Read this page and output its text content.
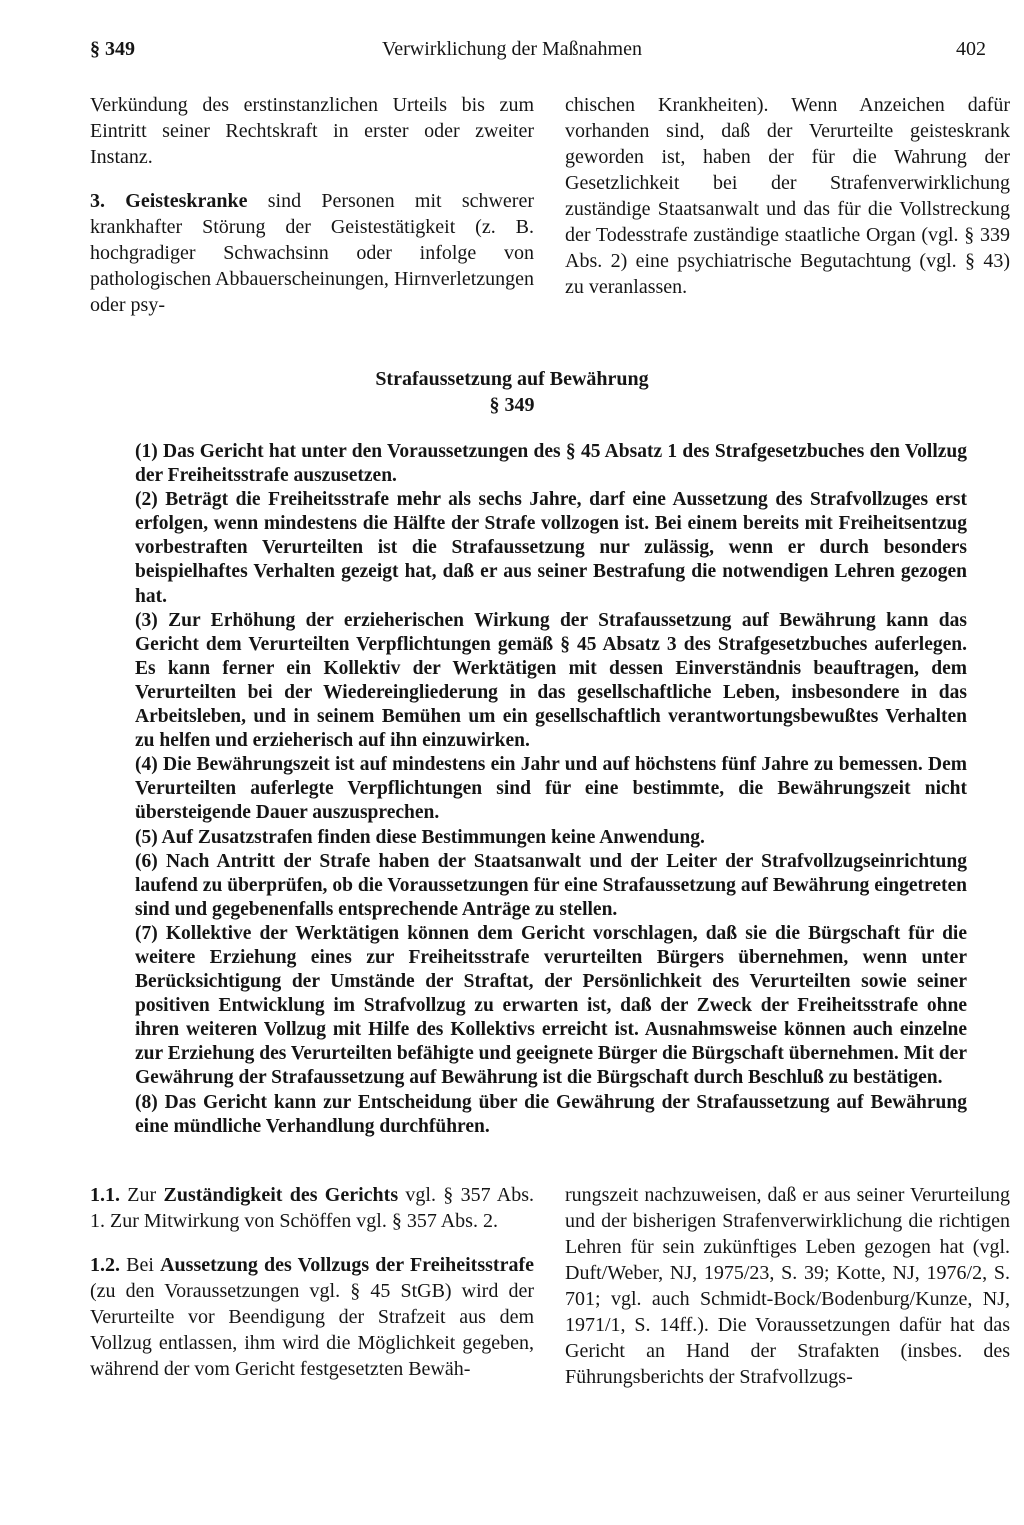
§ 349	Verwirklichung der Maßnahmen	402

Verkündung des erstinstanzlichen Urteils bis zum Eintritt seiner Rechtskraft in erster oder zweiter Instanz.

3. Geisteskranke sind Personen mit schwerer krankhafter Störung der Geistestätigkeit (z. B. hochgradiger Schwachsinn oder infolge von pathologischen Abbauerscheinungen, Hirnverletzungen oder psy-

chischen Krankheiten). Wenn Anzeichen dafür vorhanden sind, daß der Verurteilte geisteskrank geworden ist, haben der für die Wahrung der Gesetzlichkeit bei der Strafenverwirklichung zuständige Staatsanwalt und das für die Vollstreckung der Todesstrafe zuständige staatliche Organ (vgl. § 339 Abs. 2) eine psychiatrische Begutachtung (vgl. § 43) zu veranlassen.

Strafaussetzung auf Bewährung
§ 349

(1) Das Gericht hat unter den Voraussetzungen des § 45 Absatz 1 des Strafgesetzbuches den Vollzug der Freiheitsstrafe auszusetzen.

(2) Beträgt die Freiheitsstrafe mehr als sechs Jahre, darf eine Aussetzung des Strafvollzuges erst erfolgen, wenn mindestens die Hälfte der Strafe vollzogen ist. Bei einem bereits mit Freiheitsentzug vorbestraften Verurteilten ist die Strafaussetzung nur zulässig, wenn er durch besonders beispielhaftes Verhalten gezeigt hat, daß er aus seiner Bestrafung die notwendigen Lehren gezogen hat.

(3) Zur Erhöhung der erzieherischen Wirkung der Strafaussetzung auf Bewährung kann das Gericht dem Verurteilten Verpflichtungen gemäß § 45 Absatz 3 des Strafgesetzbuches auferlegen. Es kann ferner ein Kollektiv der Werktätigen mit dessen Einverständnis beauftragen, dem Verurteilten bei der Wiedereingliederung in das gesellschaftliche Leben, insbesondere in das Arbeitsleben, und in seinem Bemühen um ein gesellschaftlich verantwortungsbewußtes Verhalten zu helfen und erzieherisch auf ihn einzuwirken.

(4) Die Bewährungszeit ist auf mindestens ein Jahr und auf höchstens fünf Jahre zu bemessen. Dem Verurteilten auferlegte Verpflichtungen sind für eine bestimmte, die Bewährungszeit nicht übersteigende Dauer auszusprechen.

(5) Auf Zusatzstrafen finden diese Bestimmungen keine Anwendung.

(6) Nach Antritt der Strafe haben der Staatsanwalt und der Leiter der Strafvollzugseinrichtung laufend zu überprüfen, ob die Voraussetzungen für eine Strafaussetzung auf Bewährung eingetreten sind und gegebenenfalls entsprechende Anträge zu stellen.

(7) Kollektive der Werktätigen können dem Gericht vorschlagen, daß sie die Bürgschaft für die weitere Erziehung eines zur Freiheitsstrafe verurteilten Bürgers übernehmen, wenn unter Berücksichtigung der Umstände der Straftat, der Persönlichkeit des Verurteilten sowie seiner positiven Entwicklung im Strafvollzug zu erwarten ist, daß der Zweck der Freiheitsstrafe ohne ihren weiteren Vollzug mit Hilfe des Kollektivs erreicht ist. Ausnahmsweise können auch einzelne zur Erziehung des Verurteilten befähigte und geeignete Bürger die Bürgschaft übernehmen. Mit der Gewährung der Strafaussetzung auf Bewährung ist die Bürgschaft durch Beschluß zu bestätigen.

(8) Das Gericht kann zur Entscheidung über die Gewährung der Strafaussetzung auf Bewährung eine mündliche Verhandlung durchführen.

1.1. Zur Zuständigkeit des Gerichts vgl. § 357 Abs. 1. Zur Mitwirkung von Schöffen vgl. § 357 Abs. 2.

1.2. Bei Aussetzung des Vollzugs der Freiheitsstrafe (zu den Voraussetzungen vgl. § 45 StGB) wird der Verurteilte vor Beendigung der Strafzeit aus dem Vollzug entlassen, ihm wird die Möglichkeit gegeben, während der vom Gericht festgesetzten Bewäh-

rungszeit nachzuweisen, daß er aus seiner Verurteilung und der bisherigen Strafenverwirklichung die richtigen Lehren für sein zukünftiges Leben gezogen hat (vgl. Duft/Weber, NJ, 1975/23, S. 39; Kotte, NJ, 1976/2, S. 701; vgl. auch Schmidt-Bock/Bodenburg/Kunze, NJ, 1971/1, S. 14ff.). Die Voraussetzungen dafür hat das Gericht an Hand der Strafakten (insbes. des Führungsberichts der Strafvollzugs-
